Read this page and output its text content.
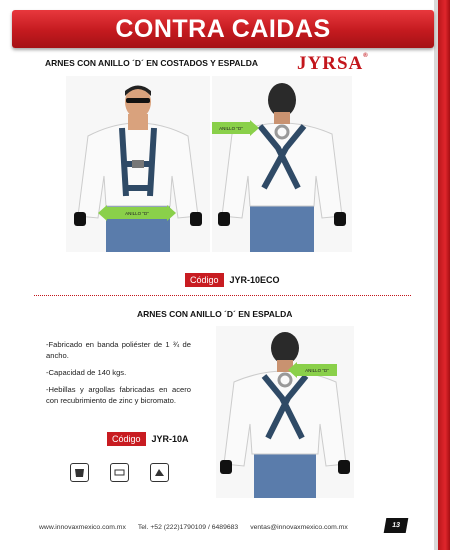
CONTRA CAIDAS
ARNES CON ANILLO ´D´ EN COSTADOS Y ESPALDA JYRSA®
ANILLO "D"
ANILLO "D"
Código	JYR-10ECO
ARNES CON ANILLO ´D´ EN ESPALDA

-Fabricado en banda poliéster de 1 ¾ de ancho.

-Capacidad de 140 kgs.

-Hebillas y argollas fabricadas en acero con recubrimiento de zinc y bicromato.

Código	JYR-10A
ANILLO "D"
www.innovaxmexico.com.mx Tel. +52 (222)1790109 / 6489683 ventas@innovaxmexico.com.mx	13
